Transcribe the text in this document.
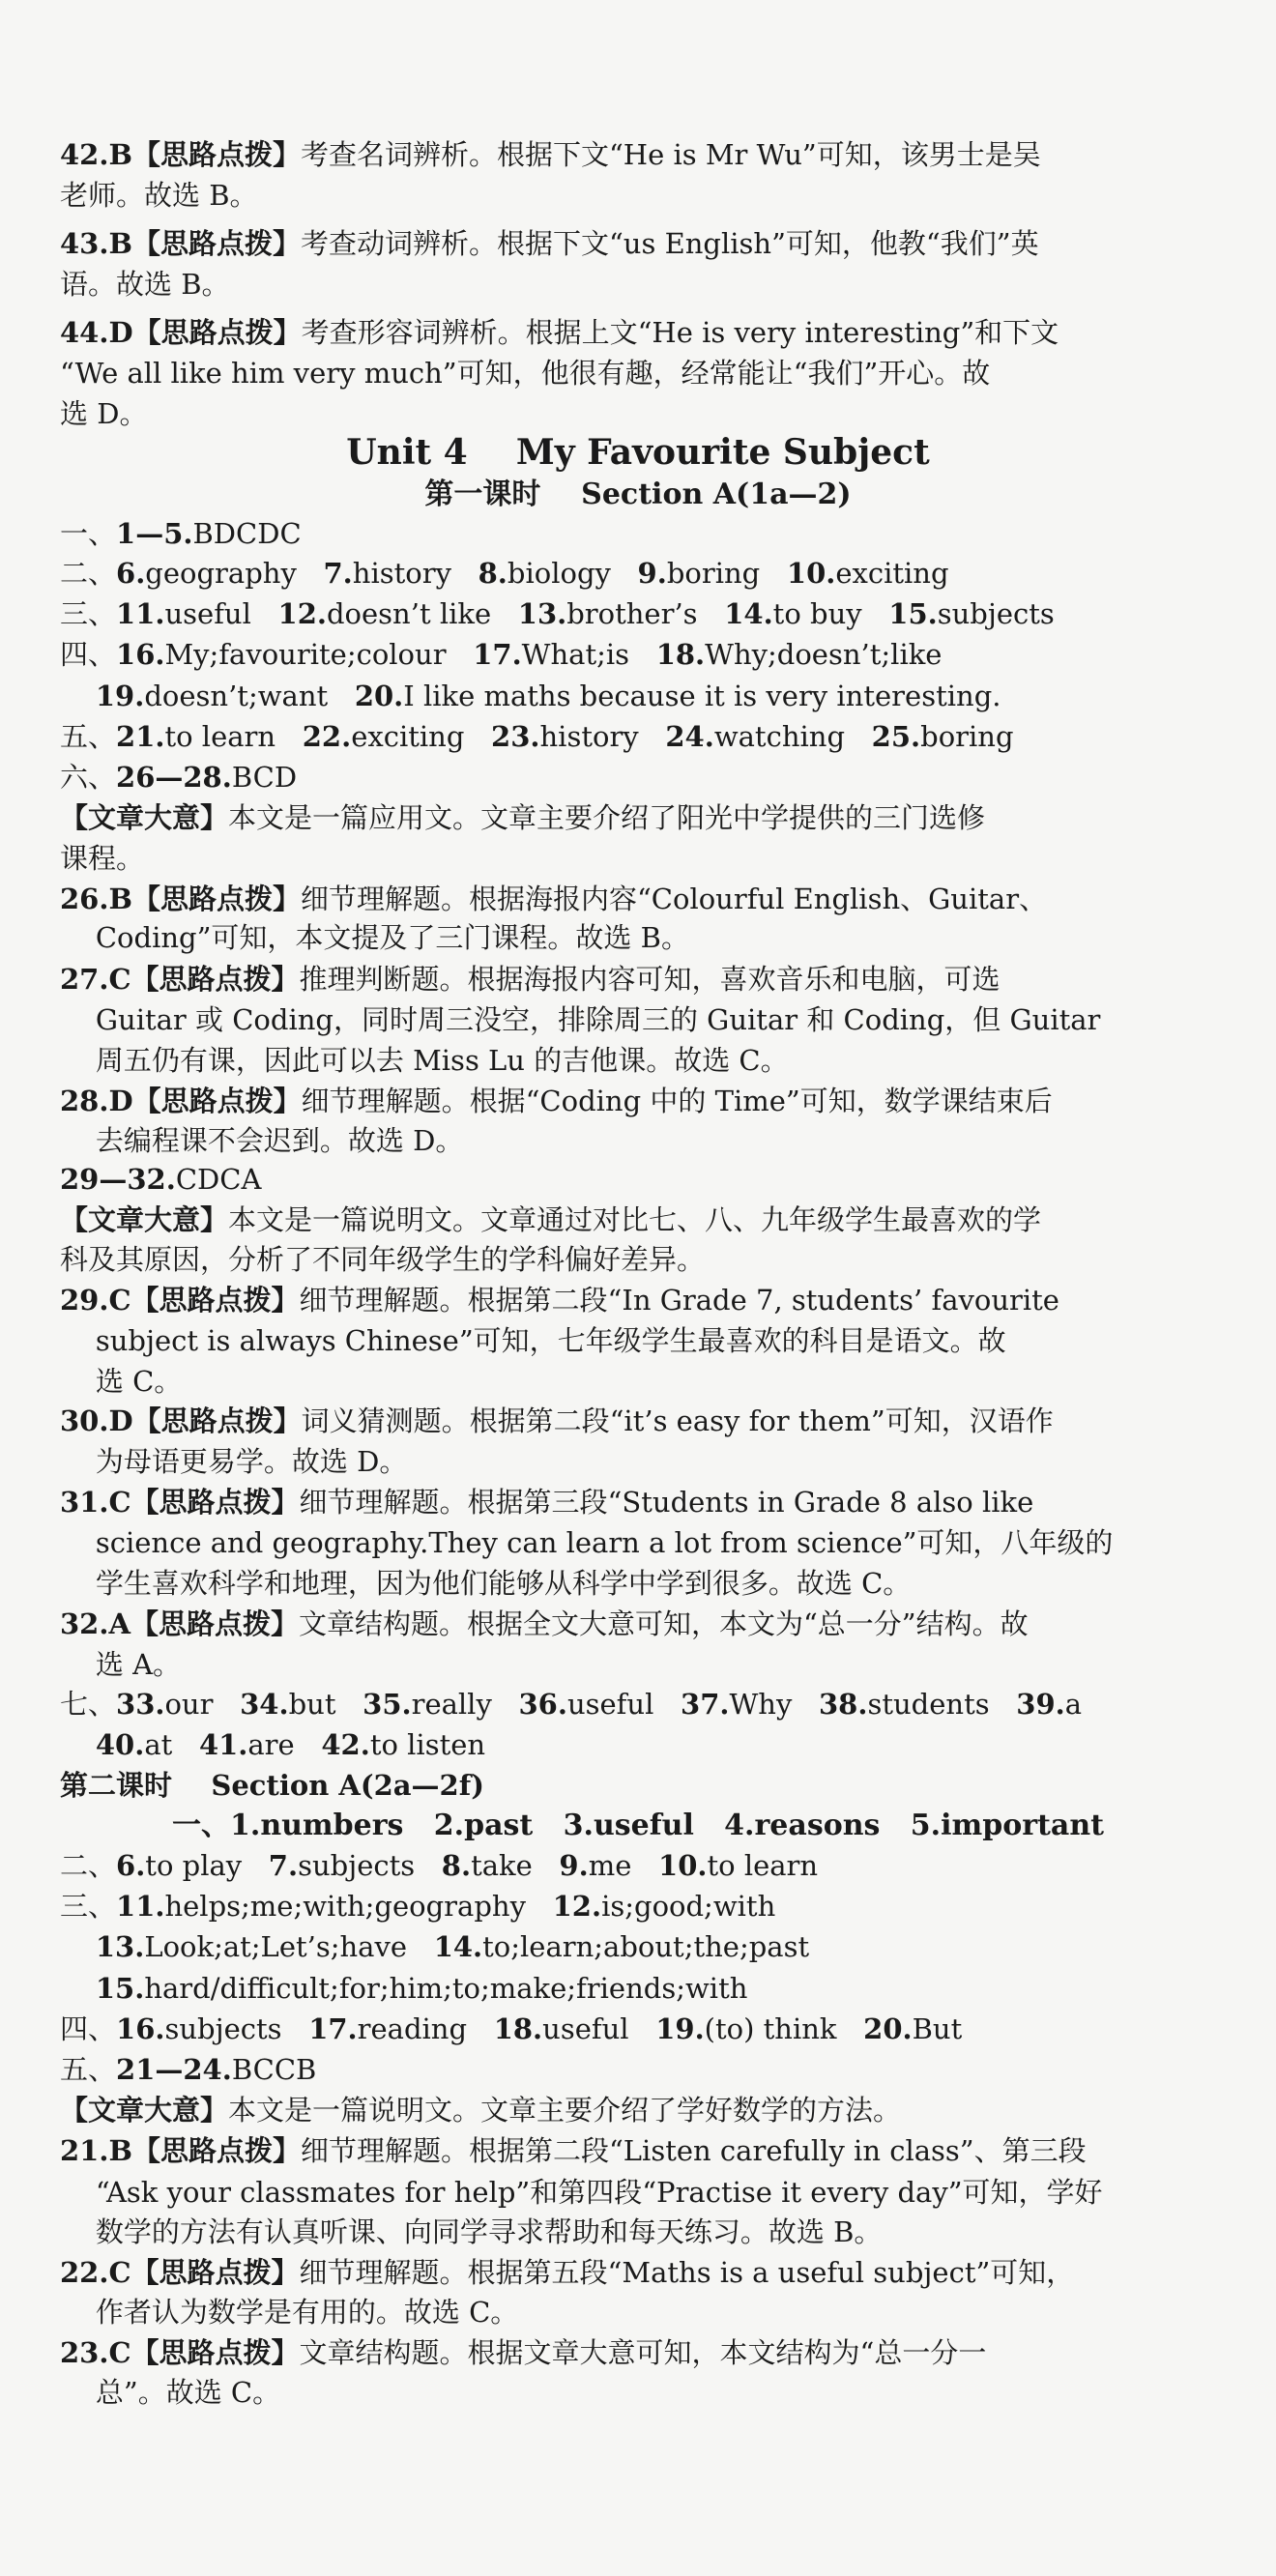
42.B【思路点拨】考查名词辨析。根据下文“He is Mr Wu”可知，该男士是吴
老师。故选 B。
43.B【思路点拨】考查动词辨析。根据下文“us English”可知，他教“我们”英
语。故选 B。
44.D【思路点拨】考查形容词辨析。根据上文“He is very interesting”和下文
“We all like him very much”可知，他很有趣，经常能让“我们”开心。故
选 D。
Unit 4    My Favourite Subject
第一课时    Section A(1a—2)
一、1—5.BDCDC
二、6.geography   7.history   8.biology   9.boring   10.exciting
三、11.useful   12.doesn’t like   13.brother’s   14.to buy   15.subjects
四、16.My;favourite;colour   17.What;is   18.Why;doesn’t;like
19.doesn’t;want   20.I like maths because it is very interesting.
五、21.to learn   22.exciting   23.history   24.watching   25.boring
六、26—28.BCD
【文章大意】本文是一篇应用文。文章主要介绍了阳光中学提供的三门选修
课程。
26.B【思路点拨】细节理解题。根据海报内容“Colourful English、Guitar、
Coding”可知，本文提及了三门课程。故选 B。
27.C【思路点拨】推理判断题。根据海报内容可知，喜欢音乐和电脑，可选
Guitar 或 Coding，同时周三没空，排除周三的 Guitar 和 Coding，但 Guitar
周五仍有课，因此可以去 Miss Lu 的吉他课。故选 C。
28.D【思路点拨】细节理解题。根据“Coding 中的 Time”可知，数学课结束后
去编程课不会迟到。故选 D。
29—32.CDCA
【文章大意】本文是一篇说明文。文章通过对比七、八、九年级学生最喜欢的学
科及其原因，分析了不同年级学生的学科偏好差异。
29.C【思路点拨】细节理解题。根据第二段“In Grade 7, students’ favourite
subject is always Chinese”可知，七年级学生最喜欢的科目是语文。故
选 C。
30.D【思路点拨】词义猜测题。根据第二段“it’s easy for them”可知，汉语作
为母语更易学。故选 D。
31.C【思路点拨】细节理解题。根据第三段“Students in Grade 8 also like
science and geography.They can learn a lot from science”可知，八年级的
学生喜欢科学和地理，因为他们能够从科学中学到很多。故选 C。
32.A【思路点拨】文章结构题。根据全文大意可知，本文为“总一分”结构。故
选 A。
七、33.our   34.but   35.really   36.useful   37.Why   38.students   39.a
40.at   41.are   42.to listen
第二课时    Section A(2a—2f)
一、1.numbers   2.past   3.useful   4.reasons   5.important
二、6.to play   7.subjects   8.take   9.me   10.to learn
三、11.helps;me;with;geography   12.is;good;with
13.Look;at;Let’s;have   14.to;learn;about;the;past
15.hard/difficult;for;him;to;make;friends;with
四、16.subjects   17.reading   18.useful   19.(to) think   20.But
五、21—24.BCCB
【文章大意】本文是一篇说明文。文章主要介绍了学好数学的方法。
21.B【思路点拨】细节理解题。根据第二段“Listen carefully in class”、第三段
“Ask your classmates for help”和第四段“Practise it every day”可知，学好
数学的方法有认真听课、向同学寻求帮助和每天练习。故选 B。
22.C【思路点拨】细节理解题。根据第五段“Maths is a useful subject”可知，
作者认为数学是有用的。故选 C。
23.C【思路点拨】文章结构题。根据文章大意可知，本文结构为“总一分一
总”。故选 C。
